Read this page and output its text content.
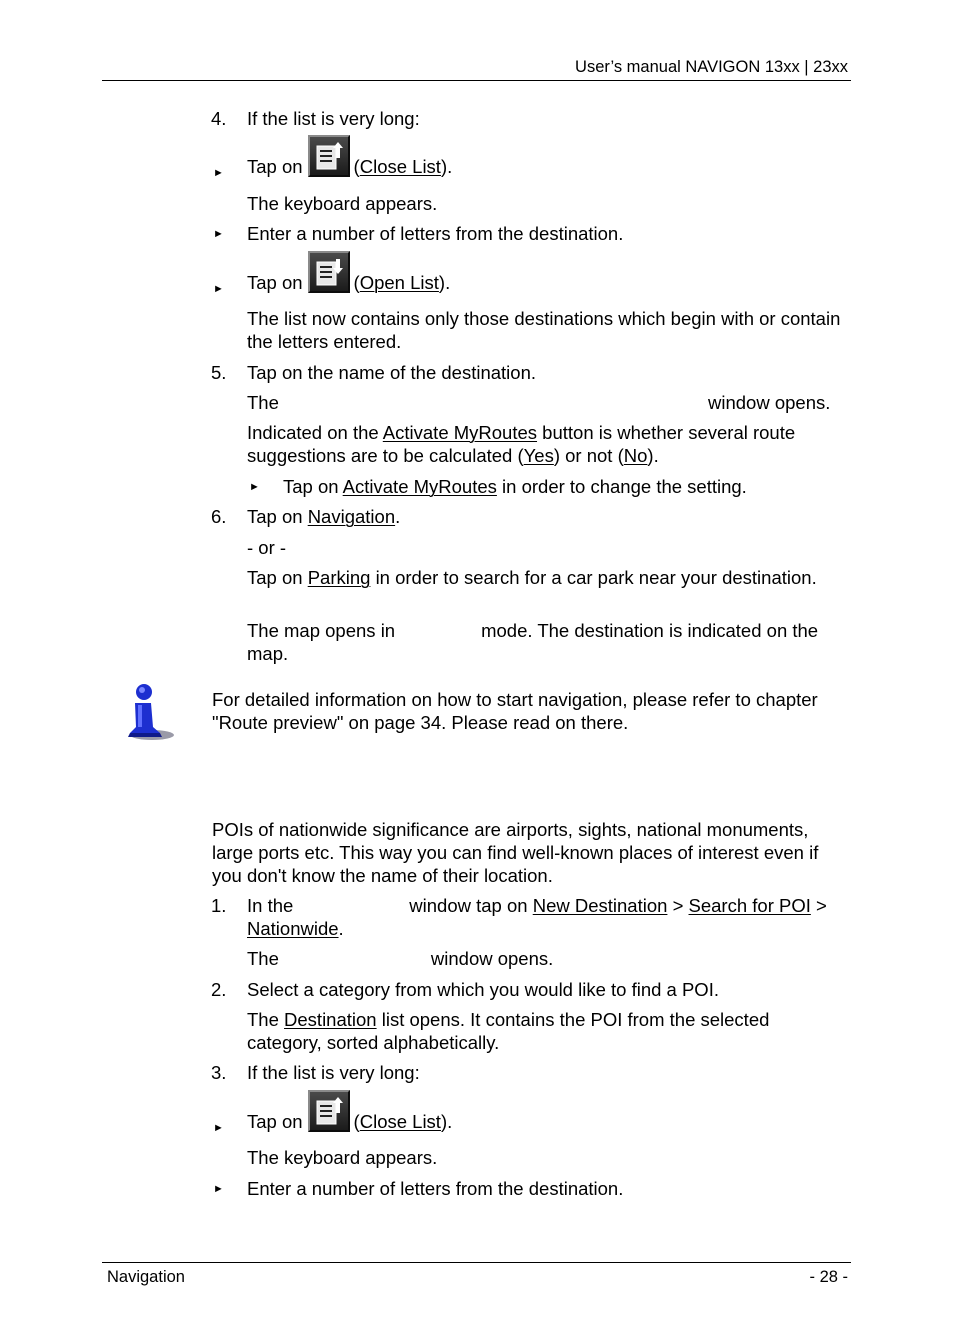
User’s manual NAVIGON 13xx | 23xx
4. If the list is very long:
► Tap on	(Close List).
The keyboard appears.
► Enter a number of letters from the destination.
► Tap on	(Open List).
The list now contains only those destinations which begin with or contain the letters entered.
5. Tap on the name of the destination.
The	window opens.
Indicated on the Activate MyRoutes button is whether several route suggestions are to be calculated (Yes) or not (No).
► Tap on Activate MyRoutes in order to change the setting.
6. Tap on Navigation.
- or -
Tap on Parking in order to search for a car park near your destination.
The map opens in	mode. The destination is indicated on the map.
For detailed information on how to start navigation, please refer to chapter "Route preview" on page 34. Please read on there.
POIs of nationwide significance are airports, sights, national monuments, large ports etc. This way you can find well-known places of interest even if you don't know the name of their location.
1. In the	window tap on New Destination > Search for POI > Nationwide.
The	window opens.
2. Select a category from which you would like to find a POI.
The Destination list opens. It contains the POI from the selected category, sorted alphabetically.
3. If the list is very long:
► Tap on	(Close List).
The keyboard appears.
► Enter a number of letters from the destination.
Navigation	- 28 -
